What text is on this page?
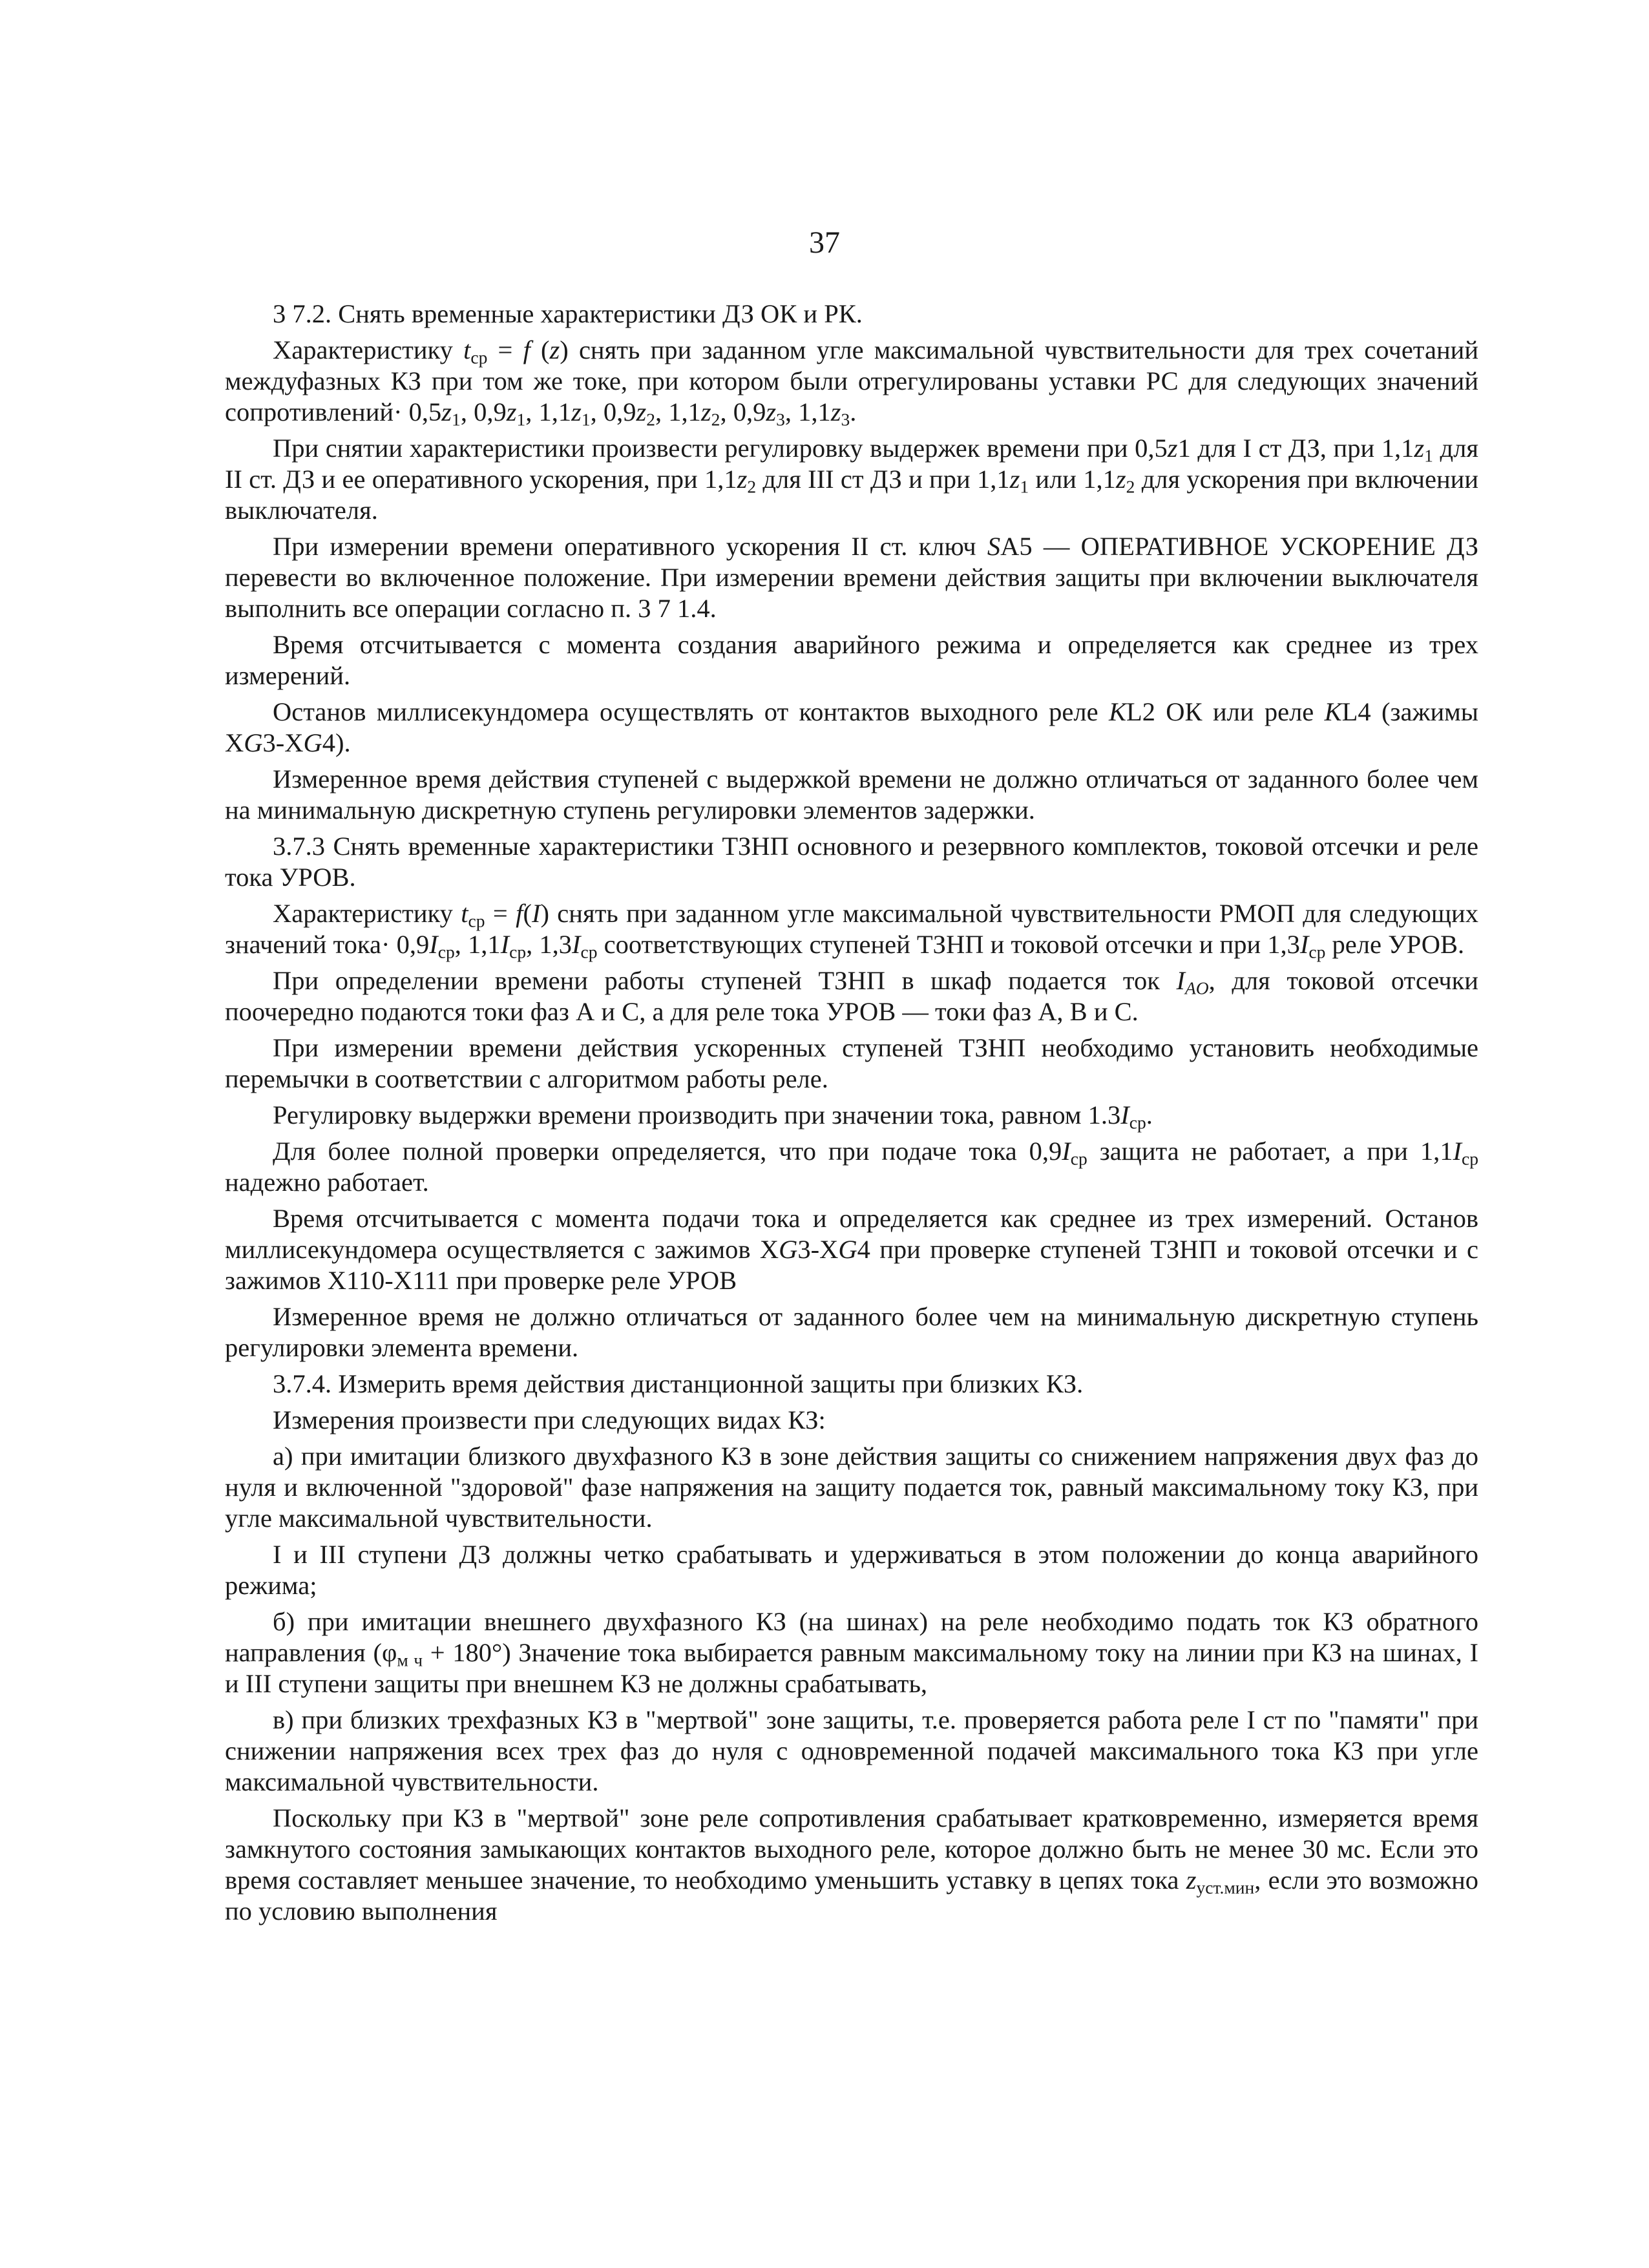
37

3 7.2. Снять временные характеристики ДЗ ОК и РК.

Характеристику $t_{ср} = f$ (z) снять при заданном угле максимальной чувствительности для трех сочетаний междуфазных КЗ при том же токе, при котором были отрегулированы уставки РС для следующих значений сопротивлений· $0,5z_1$, $0,9z_1$, $1,1z_1$, $0,9z_2$, $1,1z_2$, $0,9z_3$, $1,1z_3$.

При снятии характеристики произвести регулировку выдержек времени при 0,5z1 для I ст ДЗ, при $1,1z_1$ для II ст. ДЗ и ее оперативного ускорения, при $1,1z_2$ для III ст ДЗ и при $1,1z_1$ или $1,1z_2$ для ускорения при включении выключателя.

При измерении времени оперативного ускорения II ст. ключ SA5 — ОПЕРАТИВНОЕ УСКОРЕНИЕ ДЗ перевести во включенное положение. При измерении времени действия защиты при включении выключателя выполнить все операции согласно п. 3 7 1.4.

Время отсчитывается с момента создания аварийного режима и определяется как среднее из трех измерений.

Останов миллисекундомера осуществлять от контактов выходного реле KL2 ОК или реле KL4 (зажимы XG3-XG4).

Измеренное время действия ступеней с выдержкой времени не должно отличаться от заданного более чем на минимальную дискретную ступень регулировки элементов задержки.

3.7.3 Снять временные характеристики ТЗНП основного и резервного комплектов, токовой отсечки и реле тока УРОВ.

Характеристику $t_{ср} = f(I)$ снять при заданном угле максимальной чувствительности РМОП для следующих значений тока· $0,9I_{ср}$, $1,1I_{ср}$, $1,3I_{ср}$ соответствующих ступеней ТЗНП и токовой отсечки и при $1,3I_{ср}$ реле УРОВ.

При определении времени работы ступеней ТЗНП в шкаф подается ток $I_{AO}$, для токовой отсечки поочередно подаются токи фаз А и С, а для реле тока УРОВ — токи фаз А, В и С.

При измерении времени действия ускоренных ступеней ТЗНП необходимо установить необходимые перемычки в соответствии с алгоритмом работы реле.

Регулировку выдержки времени производить при значении тока, равном $1.3I_{ср}$.

Для более полной проверки определяется, что при подаче тока $0,9I_{ср}$ защита не работает, а при $1,1I_{ср}$ надежно работает.

Время отсчитывается с момента подачи тока и определяется как среднее из трех измерений. Останов миллисекундомера осуществляется с зажимов XG3-XG4 при проверке ступеней ТЗНП и токовой отсечки и с зажимов X110-X111 при проверке реле УРОВ

Измеренное время не должно отличаться от заданного более чем на минимальную дискретную ступень регулировки элемента времени.

3.7.4. Измерить время действия дистанционной защиты при близких КЗ.

Измерения произвести при следующих видах КЗ:

а) при имитации близкого двухфазного КЗ в зоне действия защиты со снижением напряжения двух фаз до нуля и включенной "здоровой" фазе напряжения на защиту подается ток, равный максимальному току КЗ, при угле максимальной чувствительности.

I и III ступени ДЗ должны четко срабатывать и удерживаться в этом положении до конца аварийного режима;

б) при имитации внешнего двухфазного КЗ (на шинах) на реле необходимо подать ток КЗ обратного направления $(\varphi_{м ч} + 180^\circ)$ Значение тока выбирается равным максимальному току на линии при КЗ на шинах, I и III ступени защиты при внешнем КЗ не должны срабатывать,

в) при близких трехфазных КЗ в "мертвой" зоне защиты, т.е. проверяется работа реле I ст по "памяти" при снижении напряжения всех трех фаз до нуля с одновременной подачей максимального тока КЗ при угле максимальной чувствительности.

Поскольку при КЗ в "мертвой" зоне реле сопротивления срабатывает кратковременно, измеряется время замкнутого состояния замыкающих контактов выходного реле, которое должно быть не менее 30 мс. Если это время составляет меньшее значение, то необходимо уменьшить уставку в цепях тока $z_{уст.мин}$, если это возможно по условию выполнения
